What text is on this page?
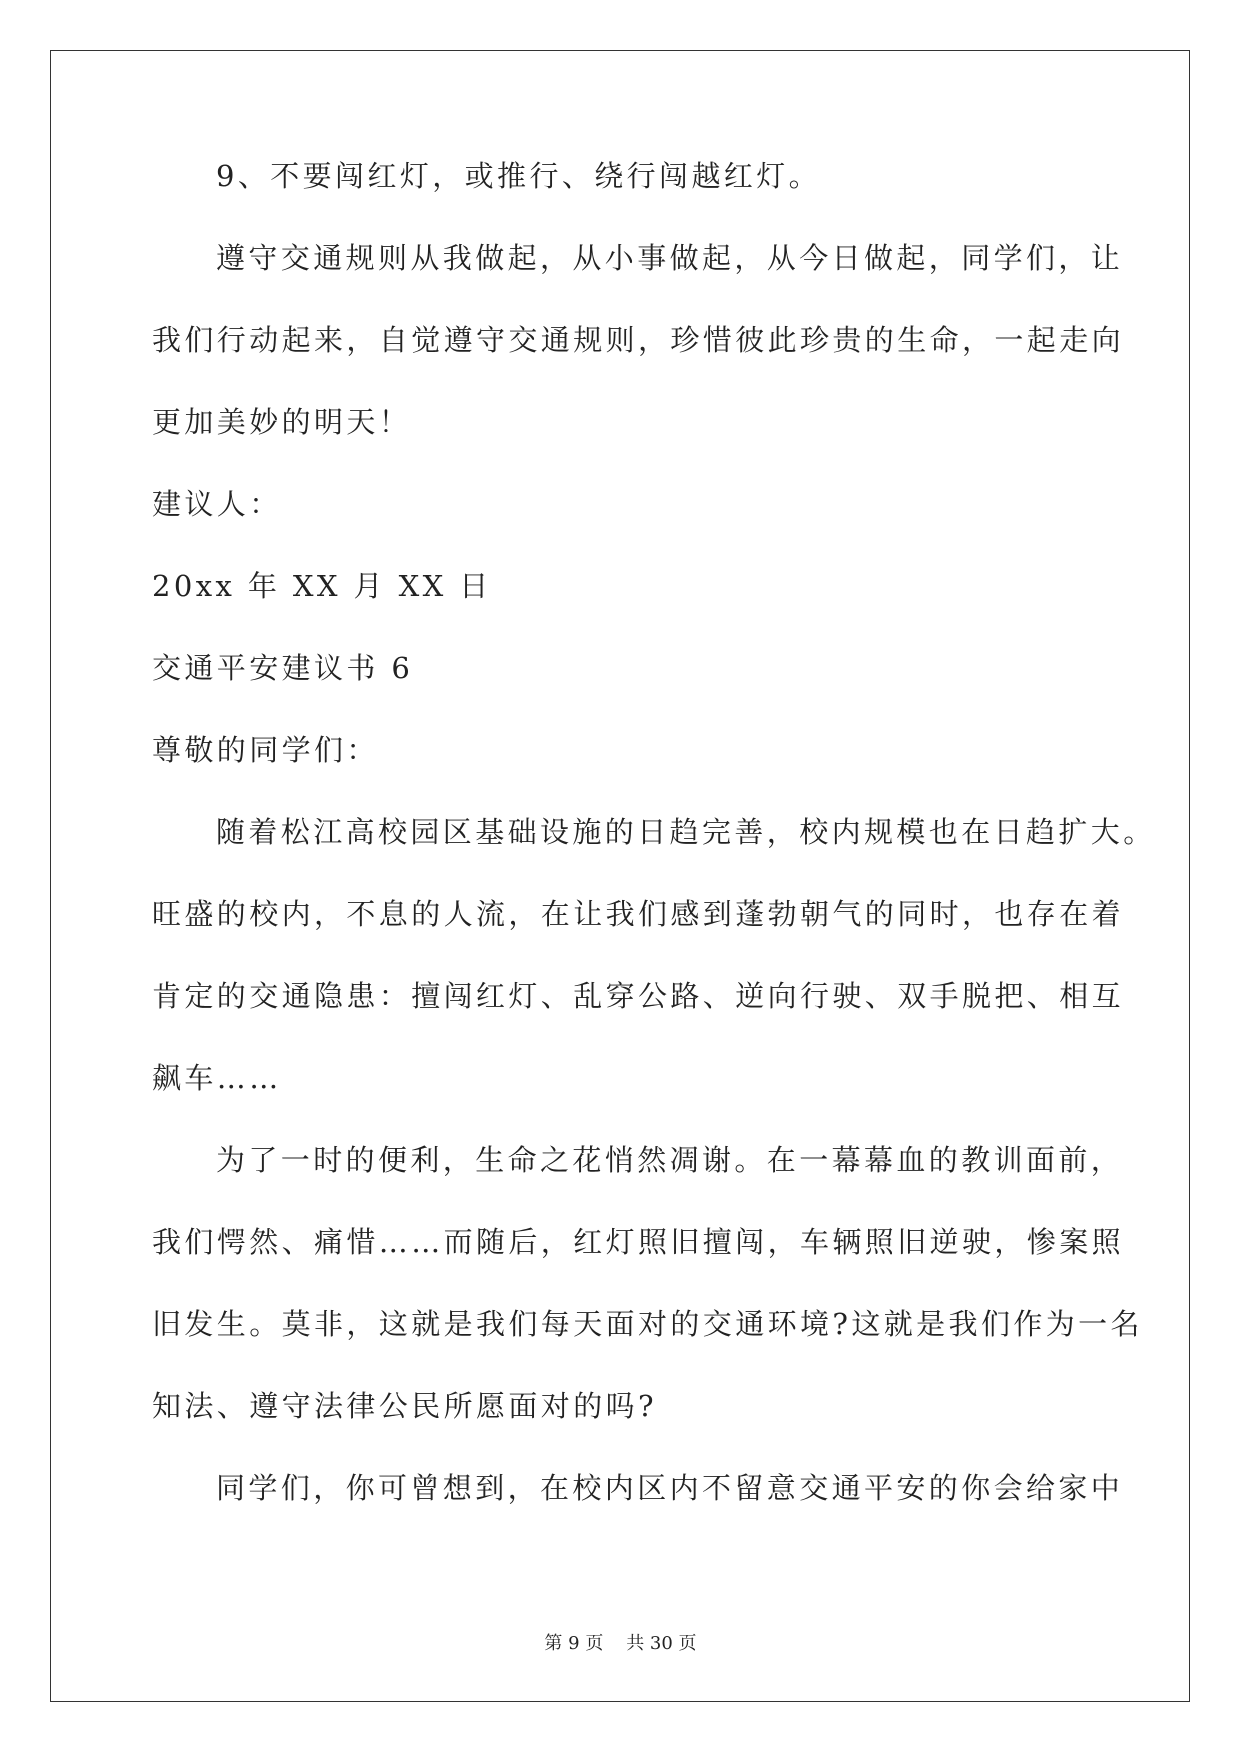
9、不要闯红灯，或推行、绕行闯越红灯。
遵守交通规则从我做起，从小事做起，从今日做起，同学们，让
我们行动起来，自觉遵守交通规则，珍惜彼此珍贵的生命，一起走向
更加美妙的明天！
建议人：
20xx 年 XX 月 XX 日
交通平安建议书 6
尊敬的同学们：
随着松江高校园区基础设施的日趋完善，校内规模也在日趋扩大。
旺盛的校内，不息的人流，在让我们感到蓬勃朝气的同时，也存在着
肯定的交通隐患：擅闯红灯、乱穿公路、逆向行驶、双手脱把、相互
飙车……
为了一时的便利，生命之花悄然凋谢。在一幕幕血的教训面前，
我们愕然、痛惜……而随后，红灯照旧擅闯，车辆照旧逆驶，惨案照
旧发生。莫非，这就是我们每天面对的交通环境?这就是我们作为一名
知法、遵守法律公民所愿面对的吗?
同学们，你可曾想到，在校内区内不留意交通平安的你会给家中
第 9 页    共 30 页
